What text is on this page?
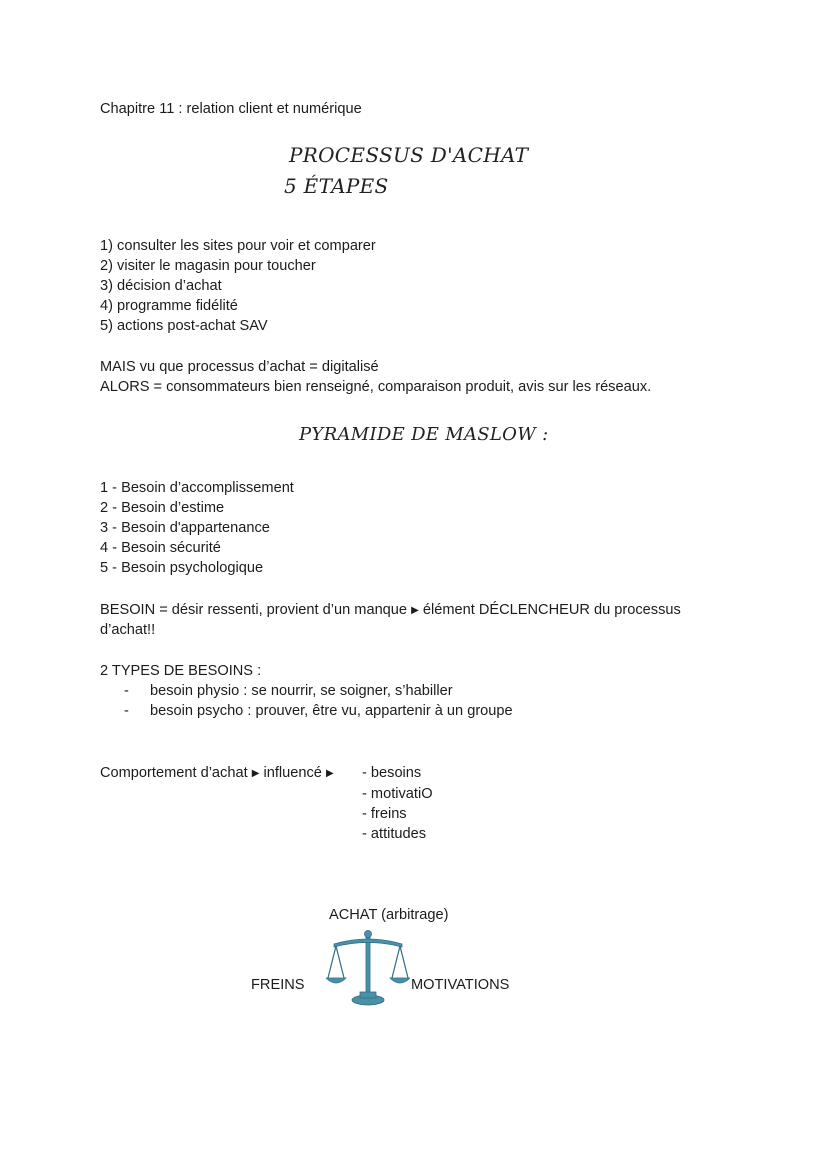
Chapitre 11 : relation client et numérique
PROCESSUS D'ACHAT
5 ÉTAPES
1) consulter les sites pour voir et comparer
2) visiter le magasin pour toucher
3) décision d’achat
4) programme fidélité
5) actions post-achat SAV
MAIS vu que processus d’achat = digitalisé
ALORS = consommateurs bien renseigné, comparaison produit, avis sur les réseaux.
PYRAMIDE DE MASLOW :
1 - Besoin d’accomplissement
2 - Besoin d’estime
3 - Besoin d'appartenance
4 - Besoin sécurité
5 - Besoin psychologique
BESOIN = désir ressenti, provient d’un manque ▶ élément DÉCLENCHEUR du processus
d’achat!!
2 TYPES DE BESOINS :
- besoin physio : se nourrir, se soigner, s’habiller
- besoin psycho : prouver, être vu, appartenir à un groupe
Comportement d’achat ▶ influencé ▶ - besoins
- motivatiO
- freins
- attitudes
ACHAT (arbitrage)
FREINS	MOTIVATIONS
